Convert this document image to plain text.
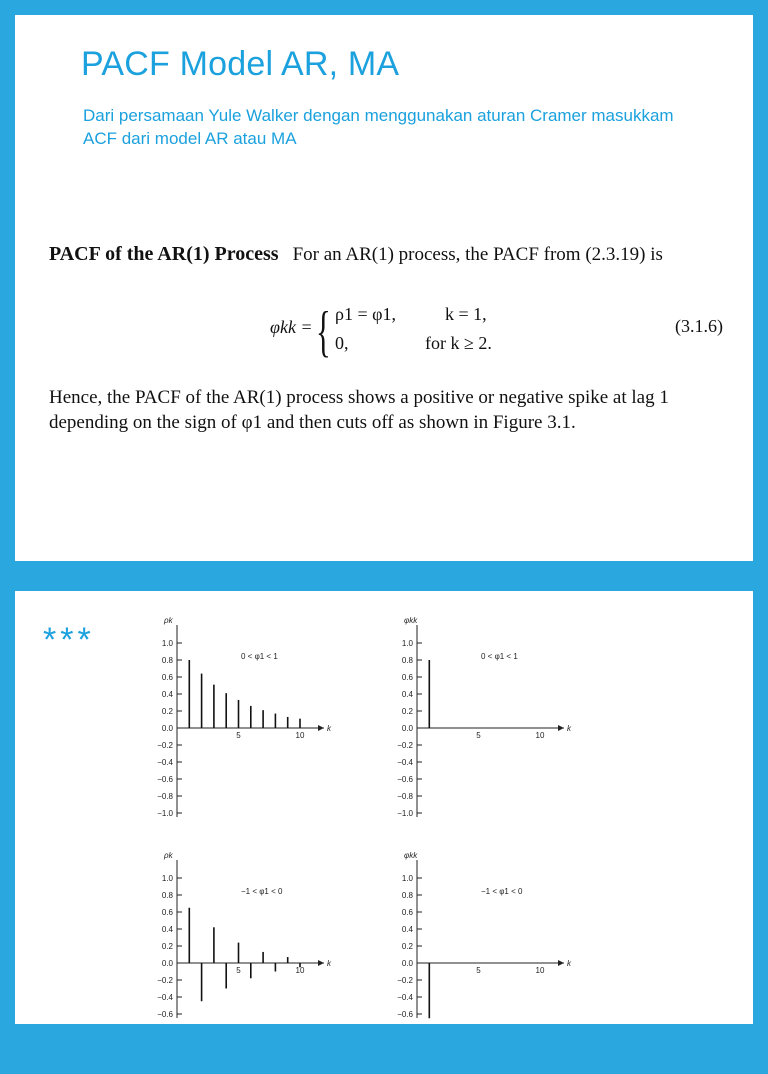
PACF Model AR, MA
Dari persamaan Yule Walker dengan menggunakan aturan Cramer masukkam ACF dari model AR atau MA
PACF of the AR(1) Process For an AR(1) process, the PACF from (2.3.19) is
φkk = { ρ1 = φ1,	k = 1,
0,	for k ≥ 2.
(3.1.6)
Hence, the PACF of the AR(1) process shows a positive or negative spike at lag 1 depending on the sign of φ1 and then cuts off as shown in Figure 3.1.
***
ρk
1.0
0.8
0.6
0.4
0.2
0.0
−0.2
−0.4
−0.6
−0.8
−1.0
k
5	10
0 < φ1 < 1
φkk
1.0
0.8
0.6
0.4
0.2
0.0
−0.2
−0.4
−0.6
−0.8
−1.0
k
5	10
0 < φ1 < 1
ρk
1.0
0.8
0.6
0.4
0.2
0.0
−0.2
−0.4
−0.6
k
5	10
−1 < φ1 < 0
φkk
1.0
0.8
0.6
0.4
0.2
0.0
−0.2
−0.4
−0.6
k
5	10
−1 < φ1 < 0
